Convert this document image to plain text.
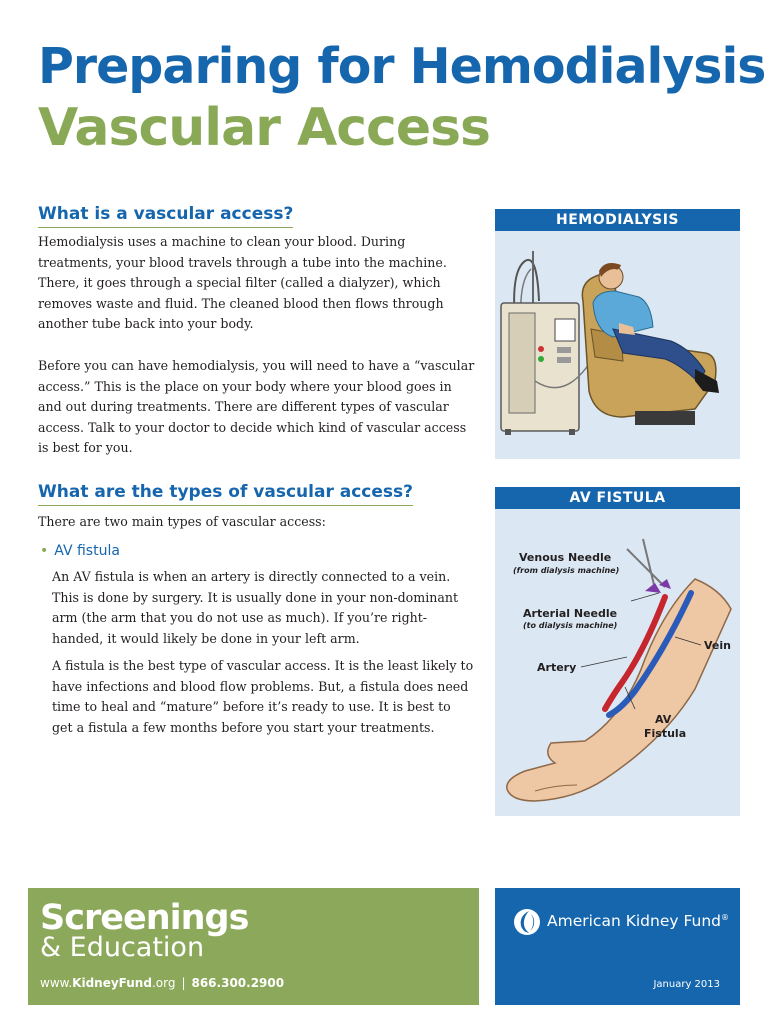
Preparing for Hemodialysis
Vascular Access
What is a vascular access?

Hemodialysis uses a machine to clean your blood. During treatments, your blood travels through a tube into the machine. There, it goes through a special filter (called a dialyzer), which removes waste and fluid. The cleaned blood then flows through another tube back into your body.

Before you can have hemodialysis, you will need to have a “vascular access.” This is the place on your body where your blood goes in and out during treatments. There are different types of vascular access. Talk to your doctor to decide which kind of vascular access is best for you.

What are the types of vascular access?

There are two main types of vascular access:

• AV fistula

An AV fistula is when an artery is directly connected to a vein. This is done by surgery. It is usually done in your non-dominant arm (the arm that you do not use as much). If you’re right-handed, it would likely be done in your left arm.

A fistula is the best type of vascular access. It is the least likely to have infections and blood flow problems. But, a fistula does need time to heal and “mature” before it’s ready to use. It is best to get a fistula a few months before you start your treatments.

HEMODIALYSIS
AV FISTULA
Venous Needle
(from dialysis machine)
Arterial Needle
(to dialysis machine)
Vein
Artery
AV
Fistula
Screenings
& Education
www.KidneyFund.org | 866.300.2900
American Kidney Fund®
January 2013
